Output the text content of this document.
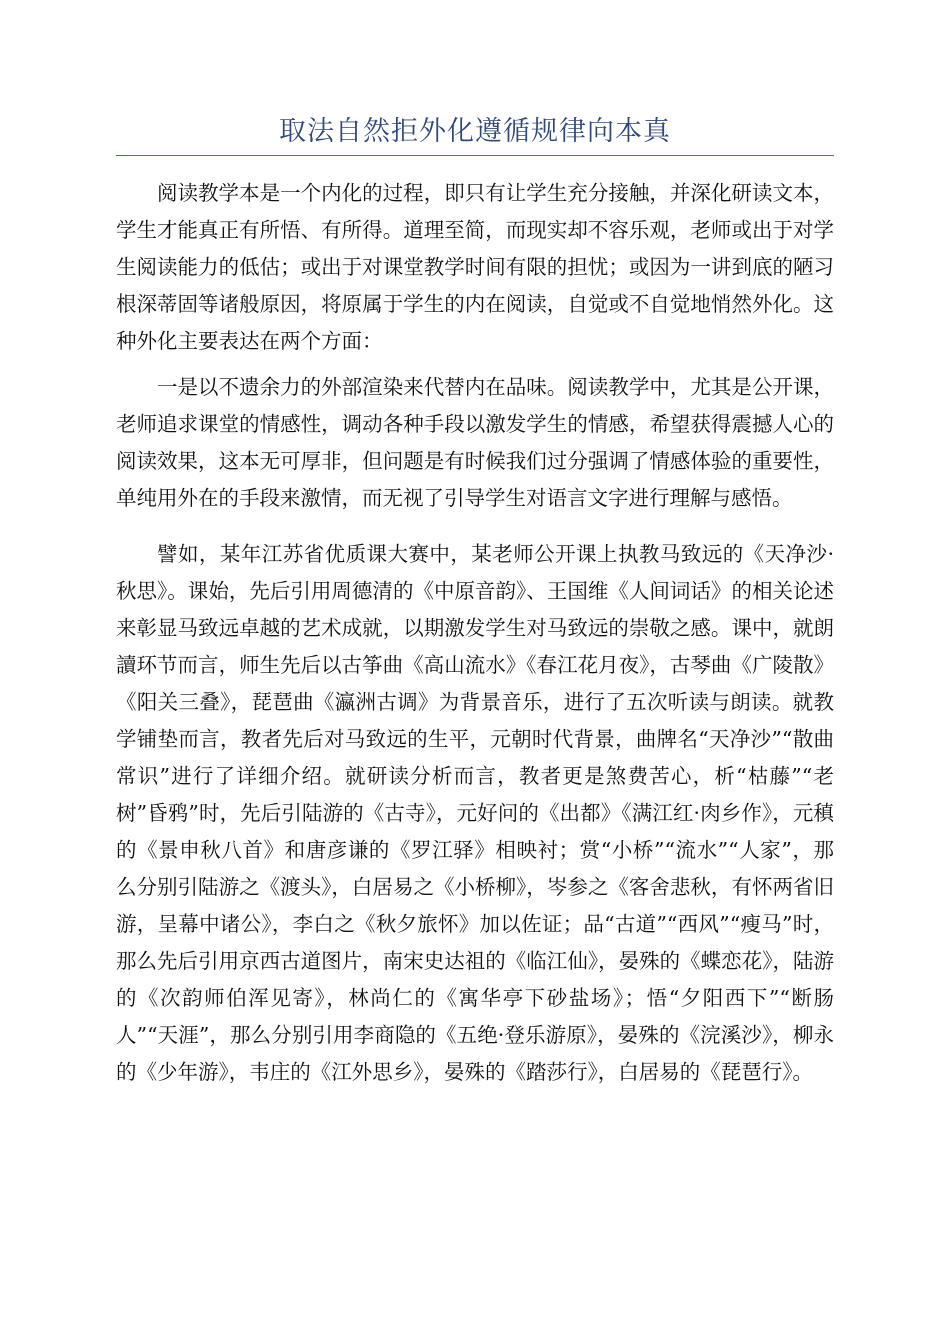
取法自然拒外化遵循规律向本真

阅读教学本是一个内化的过程，即只有让学生充分接触，并深化研读文本，学生才能真正有所悟、有所得。道理至简，而现实却不容乐观，老师或出于对学生阅读能力的低估；或出于对课堂教学时间有限的担忧；或因为一讲到底的陋习根深蒂固等诸般原因，将原属于学生的内在阅读，自觉或不自觉地悄然外化。这种外化主要表达在两个方面：

一是以不遗余力的外部渲染来代替内在品味。阅读教学中，尤其是公开课，老师追求课堂的情感性，调动各种手段以激发学生的情感，希望获得震撼人心的阅读效果，这本无可厚非，但问题是有时候我们过分强调了情感体验的重要性，单纯用外在的手段来激情，而无视了引导学生对语言文字进行理解与感悟。

譬如，某年江苏省优质课大赛中，某老师公开课上执教马致远的《天净沙·秋思》。课始，先后引用周德清的《中原音韵》、王国维《人间词话》的相关论述来彰显马致远卓越的艺术成就，以期激发学生对马致远的崇敬之感。课中，就朗讀环节而言，师生先后以古筝曲《高山流水》《春江花月夜》，古琴曲《广陵散》《阳关三叠》，琵琶曲《瀛洲古调》为背景音乐，进行了五次听读与朗读。就教学铺垫而言，教者先后对马致远的生平，元朝时代背景，曲牌名“天净沙”“散曲常识”进行了详细介绍。就研读分析而言，教者更是煞费苦心，析“枯藤”“老树”昏鸦”时，先后引陆游的《古寺》，元好问的《出都》《满江红·肉乡作》，元稹的《景申秋八首》和唐彦谦的《罗江驿》相映衬；赏“小桥”“流水”“人家”，那么分别引陆游之《渡头》，白居易之《小桥柳》，岑参之《客舍悲秋，有怀两省旧游，呈幕中诸公》，李白之《秋夕旅怀》加以佐证；品“古道”“西风”“瘦马”时，那么先后引用京西古道图片，南宋史达祖的《临江仙》，晏殊的《蝶恋花》，陆游的《次韵师伯浑见寄》，林尚仁的《寓华亭下砂盐场》；悟“夕阳西下”“断肠人”“天涯”，那么分别引用李商隐的《五绝·登乐游原》，晏殊的《浣溪沙》，柳永的《少年游》，韦庄的《江外思乡》，晏殊的《踏莎行》，白居易的《琵琶行》。
